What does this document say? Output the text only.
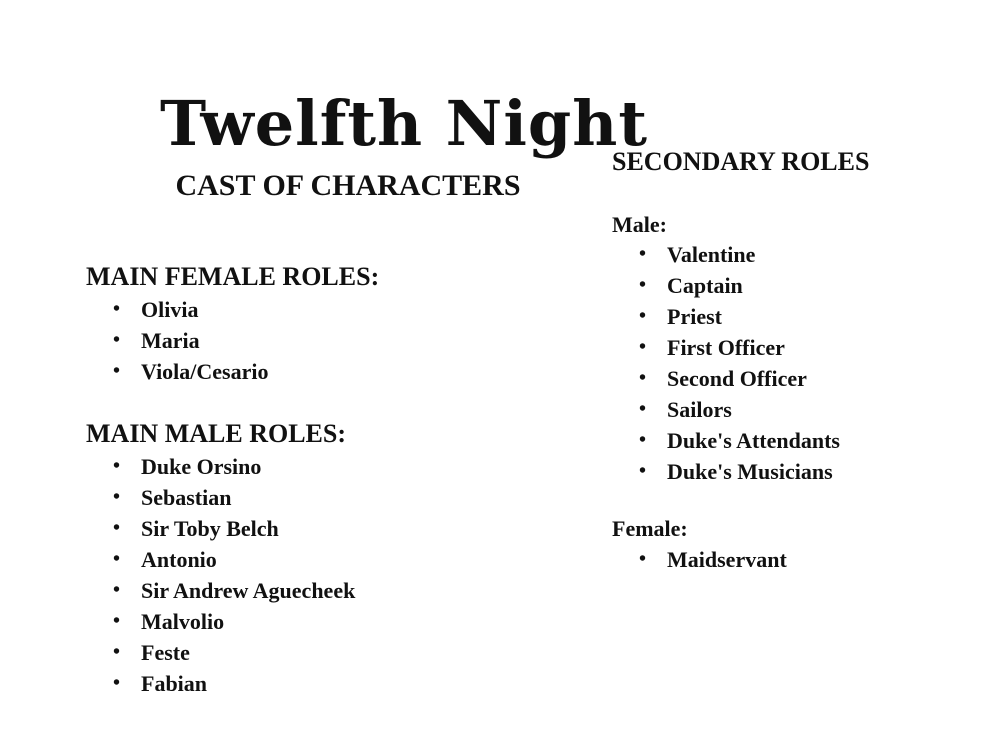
Twelfth Night
CAST OF CHARACTERS
MAIN FEMALE ROLES:
• Olivia
• Maria
• Viola/Cesario
MAIN MALE ROLES:
• Duke Orsino
• Sebastian
• Sir Toby Belch
• Antonio
• Sir Andrew Aguecheek
• Malvolio
• Feste
• Fabian
SECONDARY ROLES
Male:
• Valentine
• Captain
• Priest
• First Officer
• Second Officer
• Sailors
• Duke's Attendants
• Duke's Musicians
Female:
• Maidservant
